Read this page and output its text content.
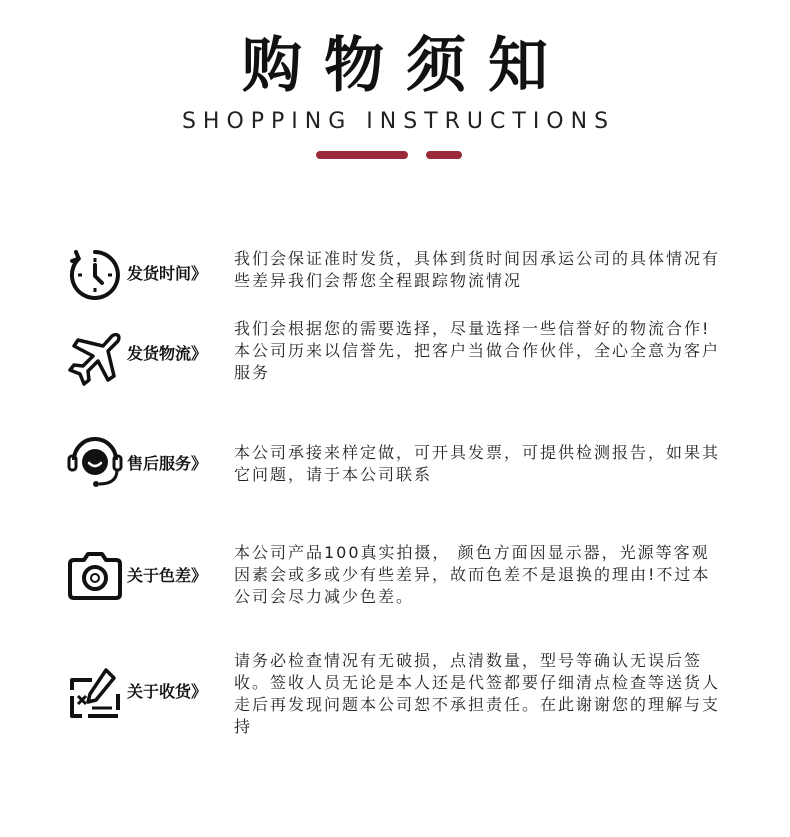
购物须知
SHOPPING INSTRUCTIONS
发货时间》
我们会保证准时发货，具体到货时间因承运公司的具体情况有些差异我们会帮您全程跟踪物流情况
发货物流》
我们会根据您的需要选择，尽量选择一些信誉好的物流合作!本公司历来以信誉先，把客户当做合作伙伴，全心全意为客户服务
售后服务》
本公司承接来样定做，可开具发票，可提供检测报告，如果其它问题，请于本公司联系
关于色差》
本公司产品100真实拍摄， 颜色方面因显示器，光源等客观因素会或多或少有些差异，故而色差不是退换的理由!不过本公司会尽力减少色差。
关于收货》
请务必检查情况有无破损，点清数量，型号等确认无误后签收。签收人员无论是本人还是代签都要仔细清点检查等送货人走后再发现问题本公司恕不承担责任。在此谢谢您的理解与支持
